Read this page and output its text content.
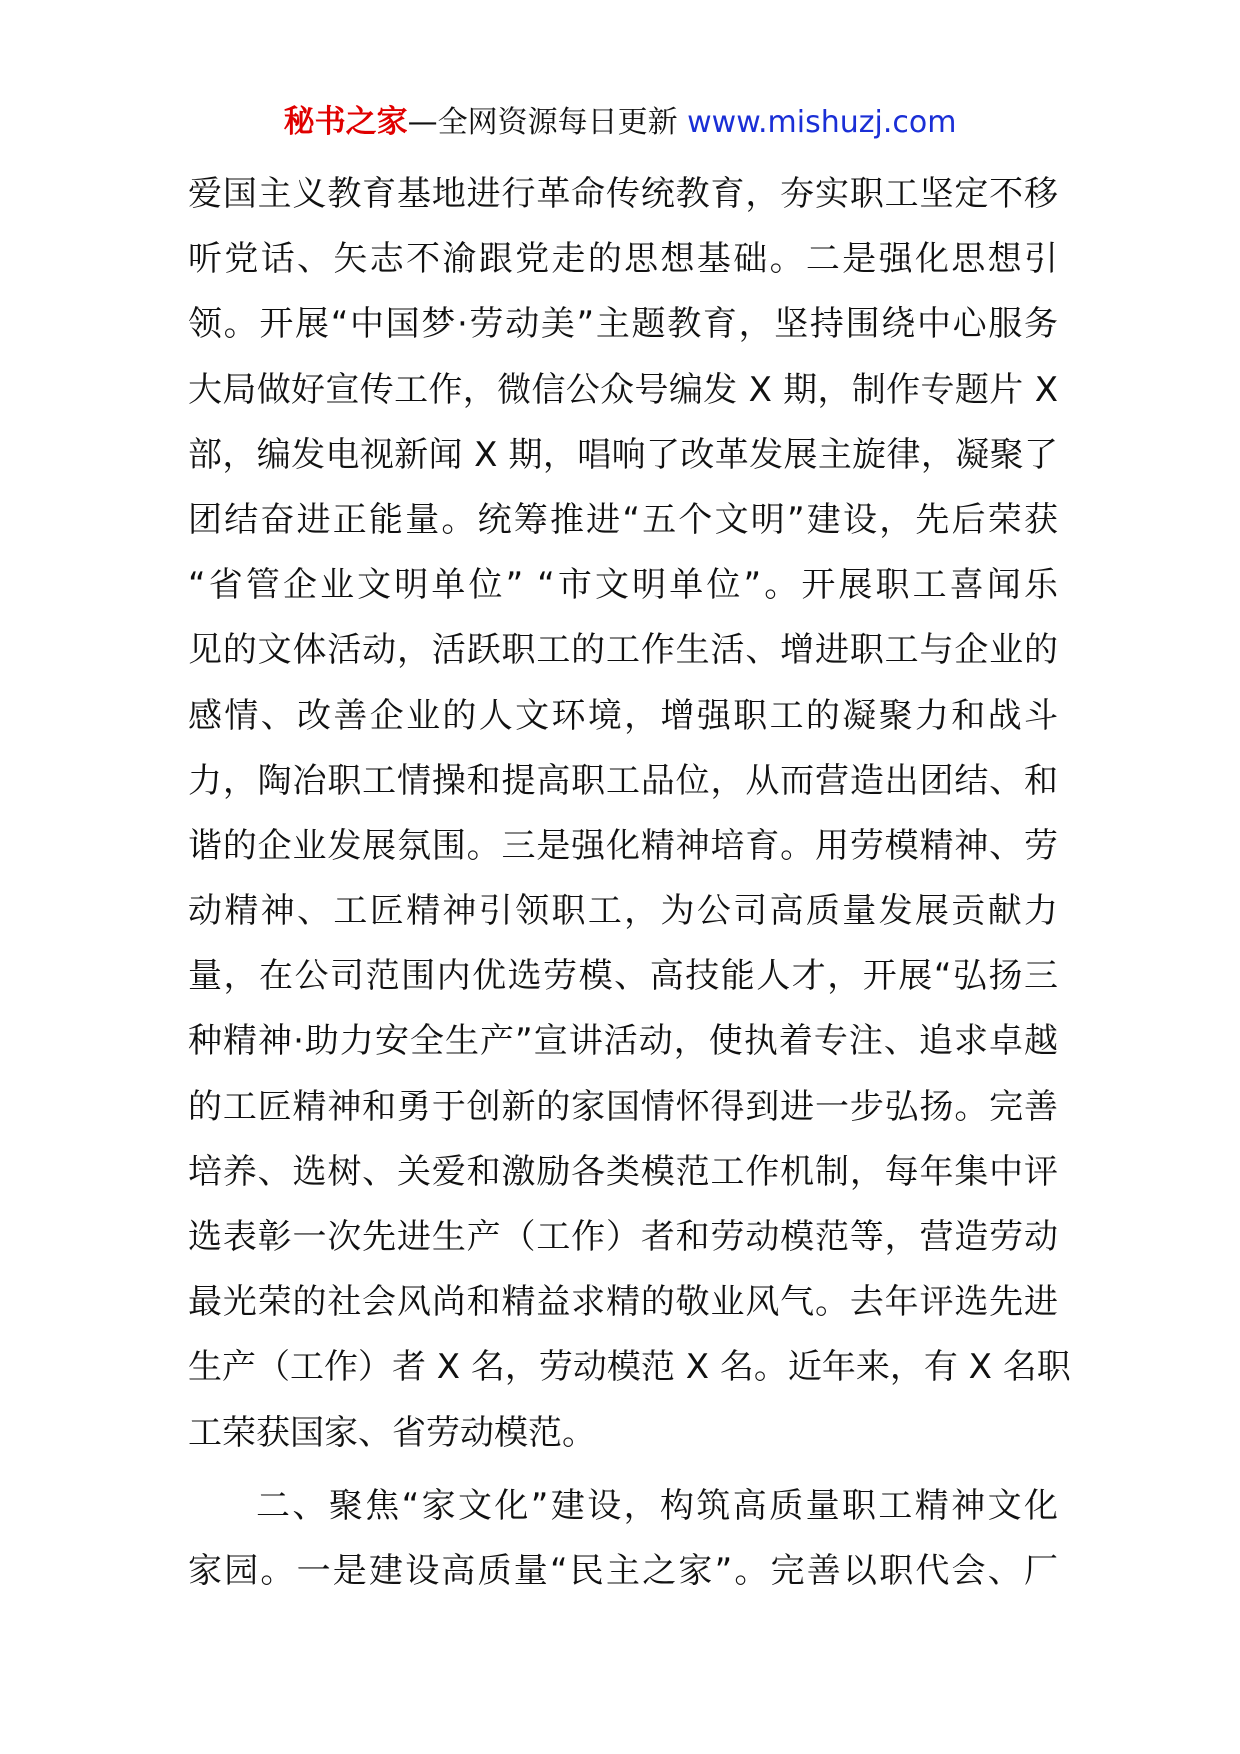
秘书之家—全网资源每日更新 www.mishuzj.com
爱国主义教育基地进行革命传统教育，夯实职工坚定不移
听党话、矢志不渝跟党走的思想基础。二是强化思想引
领。开展“中国梦·劳动美”主题教育，坚持围绕中心服务
大局做好宣传工作，微信公众号编发 X 期，制作专题片 X
部，编发电视新闻 X 期，唱响了改革发展主旋律，凝聚了
团结奋进正能量。统筹推进“五个文明”建设，先后荣获
“省管企业文明单位” “市文明单位”。开展职工喜闻乐
见的文体活动，活跃职工的工作生活、增进职工与企业的
感情、改善企业的人文环境，增强职工的凝聚力和战斗
力，陶冶职工情操和提高职工品位，从而营造出团结、和
谐的企业发展氛围。三是强化精神培育。用劳模精神、劳
动精神、工匠精神引领职工，为公司高质量发展贡献力
量，在公司范围内优选劳模、高技能人才，开展“弘扬三
种精神·助力安全生产”宣讲活动，使执着专注、追求卓越
的工匠精神和勇于创新的家国情怀得到进一步弘扬。完善
培养、选树、关爱和激励各类模范工作机制，每年集中评
选表彰一次先进生产（工作）者和劳动模范等，营造劳动
最光荣的社会风尚和精益求精的敬业风气。去年评选先进
生产（工作）者 X 名，劳动模范 X 名。近年来，有 X 名职
工荣获国家、省劳动模范。
二、聚焦“家文化”建设，构筑高质量职工精神文化
家园。一是建设高质量“民主之家”。完善以职代会、厂
